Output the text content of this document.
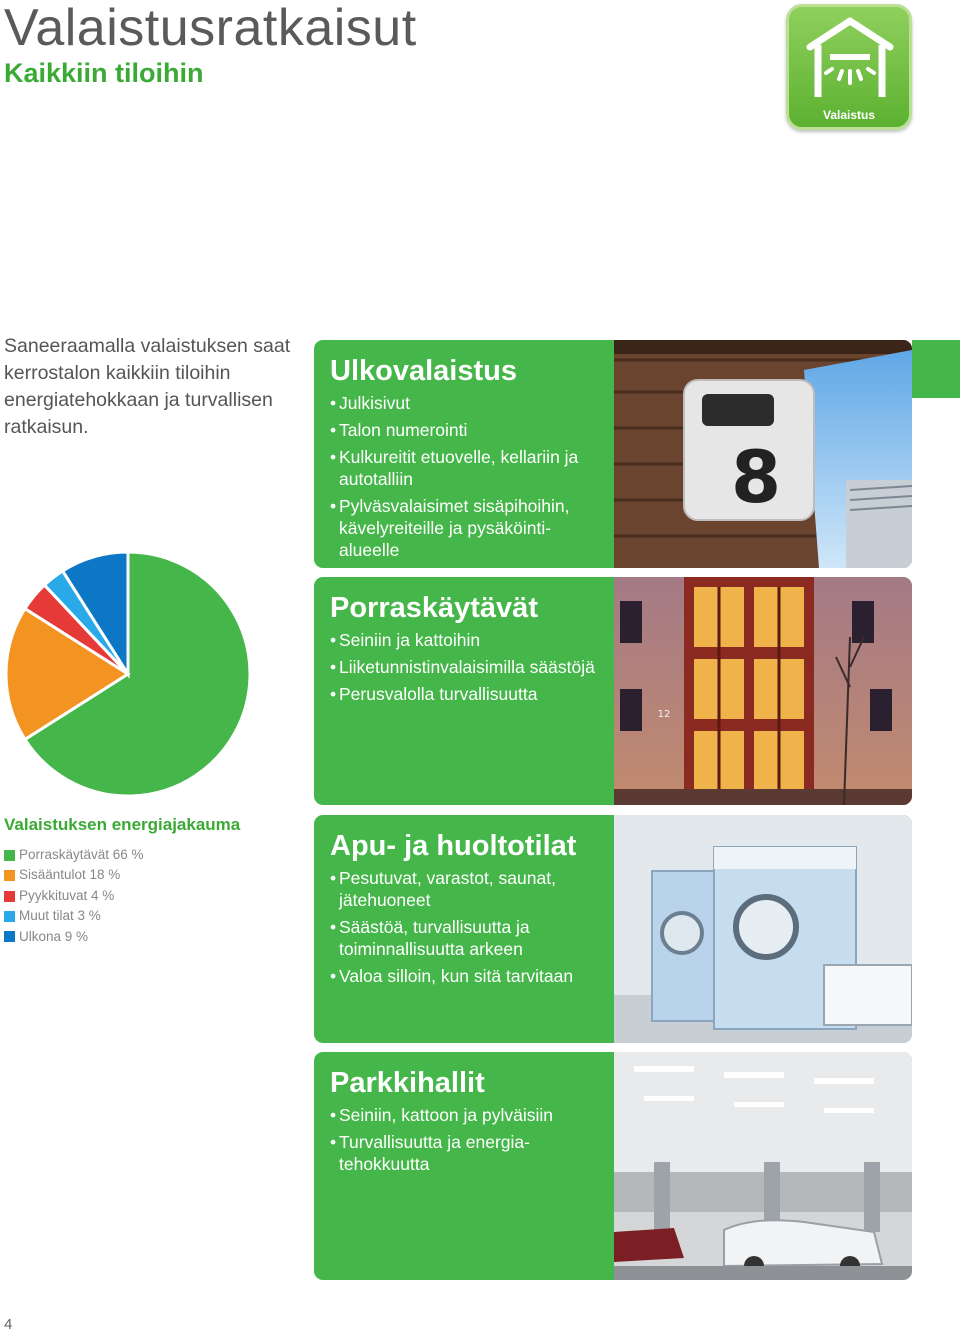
Valaistusratkaisut
Kaikkiin tiloihin
Valaistus

Saneeraamalla valaistuksen saat kerrostalon kaikkiin tiloihin energiatehokkaan ja turvallisen ratkaisun.

Ulkovalaistus
• Julkisivut
• Talon numerointi
• Kulkureitit etuovelle, kellariin ja autotalliin
• Pylväsvalaisimet sisäpihoihin, kävelyreiteille ja pysäköinti-alueelle
8
Porraskäytävät
• Seiniin ja kattoihin
• Liiketunnistinvalaisimilla säästöjä
• Perusvalolla turvallisuutta
12
Apu- ja huoltotilat
• Pesutuvat, varastot, saunat, jätehuoneet
• Säästöä, turvallisuutta ja toiminnallisuutta arkeen
• Valoa silloin, kun sitä tarvitaan
Parkkihallit
• Seiniin, kattoon ja pylväisiin
• Turvallisuutta ja energia-tehokkuutta
Valaistuksen energiajakauma
Porraskäytävät 66 %
Sisääntulot 18 %
Pyykkituvat 4 %
Muut tilat 3 %
Ulkona 9 %
4
